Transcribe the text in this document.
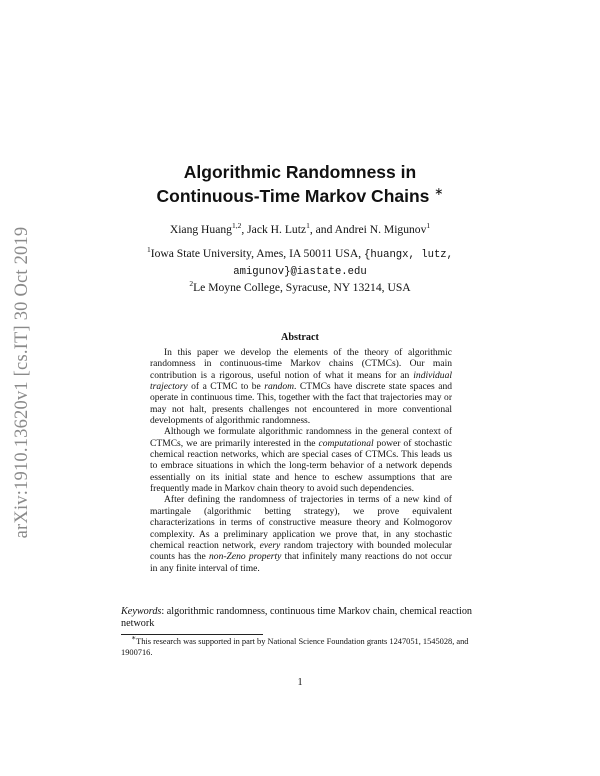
arXiv:1910.13620v1 [cs.IT] 30 Oct 2019
Algorithmic Randomness in
Continuous-Time Markov Chains ∗
Xiang Huang$^{1,2}$, Jack H. Lutz$^1$, and Andrei N. Migunov$^1$
$^1$Iowa State University, Ames, IA 50011 USA, {huangx, lutz,
amigunov}@iastate.edu
$^2$Le Moyne College, Syracuse, NY 13214, USA
Abstract

In this paper we develop the elements of the theory of algorithmic randomness in continuous-time Markov chains (CTMCs). Our main contribution is a rigorous, useful notion of what it means for an individual trajectory of a CTMC to be random. CTMCs have discrete state spaces and operate in continuous time. This, together with the fact that trajectories may or may not halt, presents challenges not encountered in more conventional developments of algorithmic randomness.

Although we formulate algorithmic randomness in the general context of CTMCs, we are primarily interested in the computational power of stochastic chemical reaction networks, which are special cases of CTMCs. This leads us to embrace situations in which the long-term behavior of a network depends essentially on its initial state and hence to eschew assumptions that are frequently made in Markov chain theory to avoid such dependencies.

After defining the randomness of trajectories in terms of a new kind of martingale (algorithmic betting strategy), we prove equivalent characterizations in terms of constructive measure theory and Kolmogorov complexity. As a preliminary application we prove that, in any stochastic chemical reaction network, every random trajectory with bounded molecular counts has the non-Zeno property that infinitely many reactions do not occur in any finite interval of time.

Keywords: algorithmic randomness, continuous time Markov chain, chemical reaction network
∗This research was supported in part by National Science Foundation grants 1247051, 1545028, and 1900716.
1
